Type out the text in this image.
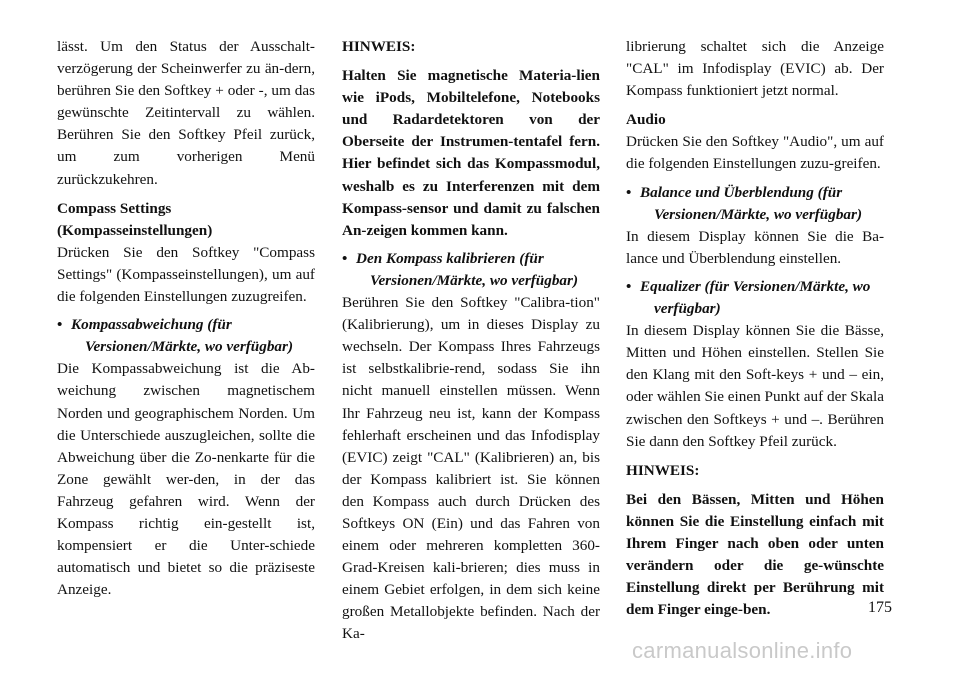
lässt. Um den Status der Ausschalt-verzögerung der Scheinwerfer zu än-dern, berühren Sie den Softkey + oder -, um das gewünschte Zeitintervall zu wählen. Berühren Sie den Softkey Pfeil zurück, um zum vorherigen Menü zurückzukehren.

Compass Settings (Kompasseinstellungen)

Drücken Sie den Softkey "Compass Settings" (Kompasseinstellungen), um auf die folgenden Einstellungen zuzugreifen.

• Kompassabweichung (für Versionen/Märkte, wo verfügbar)

Die Kompassabweichung ist die Ab-weichung zwischen magnetischem Norden und geographischem Norden. Um die Unterschiede auszugleichen, sollte die Abweichung über die Zo-nenkarte für die Zone gewählt wer-den, in der das Fahrzeug gefahren wird. Wenn der Kompass richtig ein-gestellt ist, kompensiert er die Unter-schiede automatisch und bietet so die präziseste Anzeige.

HINWEIS:

Halten Sie magnetische Materia-lien wie iPods, Mobiltelefone, Notebooks und Radardetektoren von der Oberseite der Instrumen-tentafel fern. Hier befindet sich das Kompassmodul, weshalb es zu Interferenzen mit dem Kompass-sensor und damit zu falschen An-zeigen kommen kann.

• Den Kompass kalibrieren (für Versionen/Märkte, wo verfügbar)

Berühren Sie den Softkey "Calibra-tion" (Kalibrierung), um in dieses Display zu wechseln. Der Kompass Ihres Fahrzeugs ist selbstkalibrie-rend, sodass Sie ihn nicht manuell einstellen müssen. Wenn Ihr Fahrzeug neu ist, kann der Kompass fehlerhaft erscheinen und das Infodisplay (EVIC) zeigt "CAL" (Kalibrieren) an, bis der Kompass kalibriert ist. Sie können den Kompass auch durch Drücken des Softkeys ON (Ein) und das Fahren von einem oder mehreren kompletten 360-Grad-Kreisen kali-brieren; dies muss in einem Gebiet erfolgen, in dem sich keine großen Metallobjekte befinden. Nach der Ka-

librierung schaltet sich die Anzeige "CAL" im Infodisplay (EVIC) ab. Der Kompass funktioniert jetzt normal.

Audio

Drücken Sie den Softkey "Audio", um auf die folgenden Einstellungen zuzu-greifen.

• Balance und Überblendung (für Versionen/Märkte, wo verfügbar)

In diesem Display können Sie die Ba-lance und Überblendung einstellen.

• Equalizer (für Versionen/Märkte, wo verfügbar)

In diesem Display können Sie die Bässe, Mitten und Höhen einstellen. Stellen Sie den Klang mit den Soft-keys + und – ein, oder wählen Sie einen Punkt auf der Skala zwischen den Softkeys + und –. Berühren Sie dann den Softkey Pfeil zurück.

HINWEIS:

Bei den Bässen, Mitten und Höhen können Sie die Einstellung einfach mit Ihrem Finger nach oben oder unten verändern oder die ge-wünschte Einstellung direkt per Berührung mit dem Finger einge-ben.	175
carmanualsonline.info
